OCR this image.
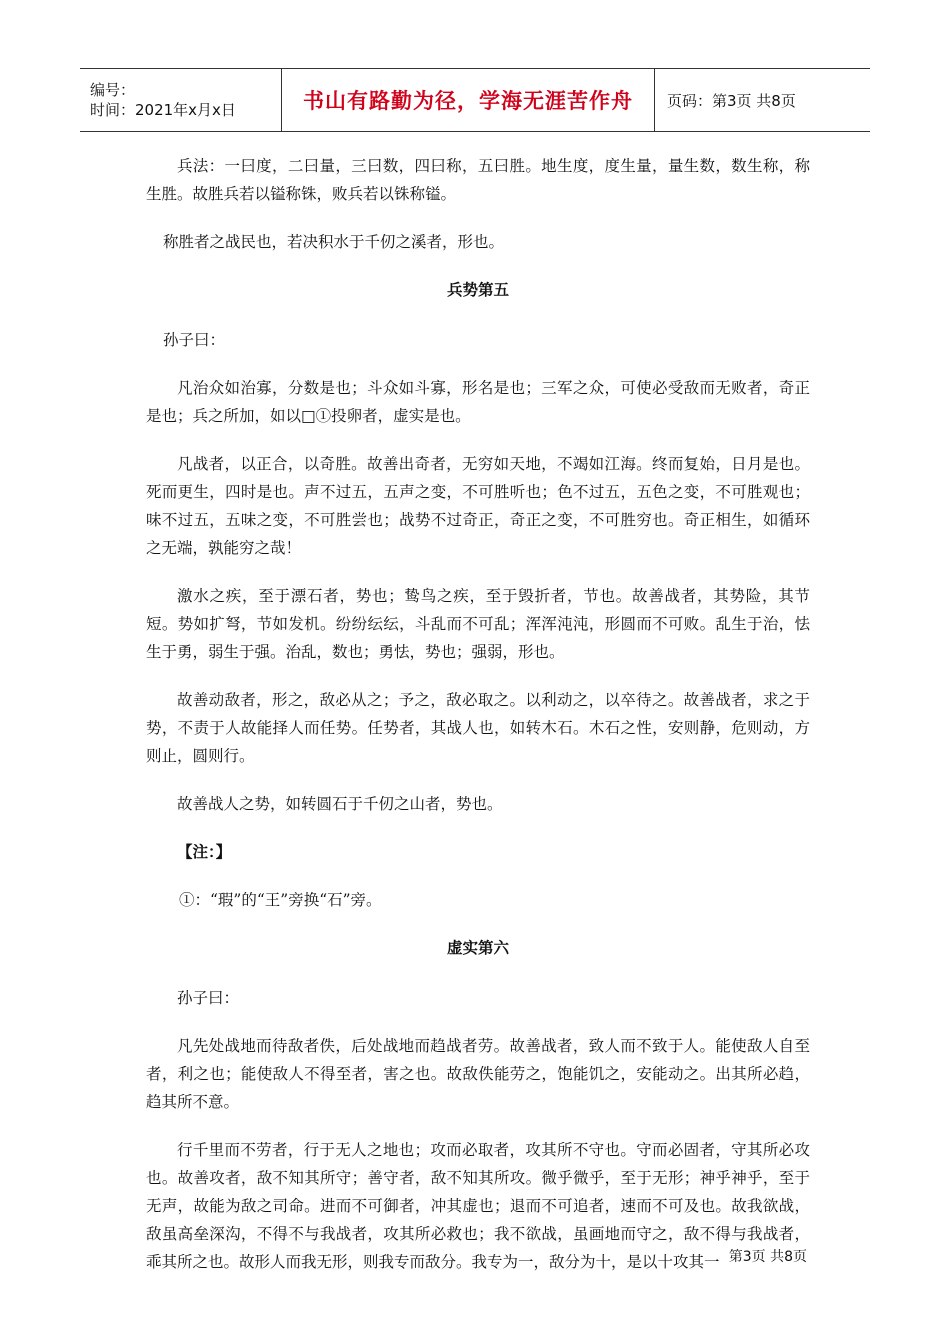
编号：
时间：2021年x月x日	书山有路勤为径，学海无涯苦作舟 页码：第3页 共8页

兵法：一曰度，二曰量，三曰数，四曰称，五曰胜。地生度，度生量，量生数，数生称，称生胜。故胜兵若以镒称铢，败兵若以铢称镒。

称胜者之战民也，若决积水于千仞之溪者，形也。

兵势第五

孙子曰：

凡治众如治寡，分数是也；斗众如斗寡，形名是也；三军之众，可使必受敌而无败者，奇正是也；兵之所加，如以□①投卵者，虚实是也。

凡战者，以正合，以奇胜。故善出奇者，无穷如天地，不竭如江海。终而复始，日月是也。死而更生，四时是也。声不过五，五声之变，不可胜听也；色不过五，五色之变，不可胜观也；味不过五，五味之变，不可胜尝也；战势不过奇正，奇正之变，不可胜穷也。奇正相生，如循环之无端，孰能穷之哉！

激水之疾，至于漂石者，势也；鸷鸟之疾，至于毁折者，节也。故善战者，其势险，其节短。势如扩弩，节如发机。纷纷纭纭，斗乱而不可乱；浑浑沌沌，形圆而不可败。乱生于治，怯生于勇，弱生于强。治乱，数也；勇怯，势也；强弱，形也。

故善动敌者，形之，敌必从之；予之，敌必取之。以利动之，以卒待之。故善战者，求之于势，不责于人故能择人而任势。任势者，其战人也，如转木石。木石之性，安则静，危则动，方则止，圆则行。

故善战人之势，如转圆石于千仞之山者，势也。

【注：】

①：“瑕”的“王”旁换“石”旁。

虚实第六

孙子曰：

凡先处战地而待敌者佚，后处战地而趋战者劳。故善战者，致人而不致于人。能使敌人自至者，利之也；能使敌人不得至者，害之也。故敌佚能劳之，饱能饥之，安能动之。出其所必趋，趋其所不意。

行千里而不劳者，行于无人之地也；攻而必取者，攻其所不守也。守而必固者，守其所必攻也。故善攻者，敌不知其所守；善守者，敌不知其所攻。微乎微乎，至于无形；神乎神乎，至于无声，故能为敌之司命。进而不可御者，冲其虚也；退而不可追者，速而不可及也。故我欲战，敌虽高垒深沟，不得不与我战者，攻其所必救也；我不欲战，虽画地而守之，敌不得与我战者，乖其所之也。故形人而我无形，则我专而敌分。我专为一，敌分为十，是以十攻其一 第3页 共8页
